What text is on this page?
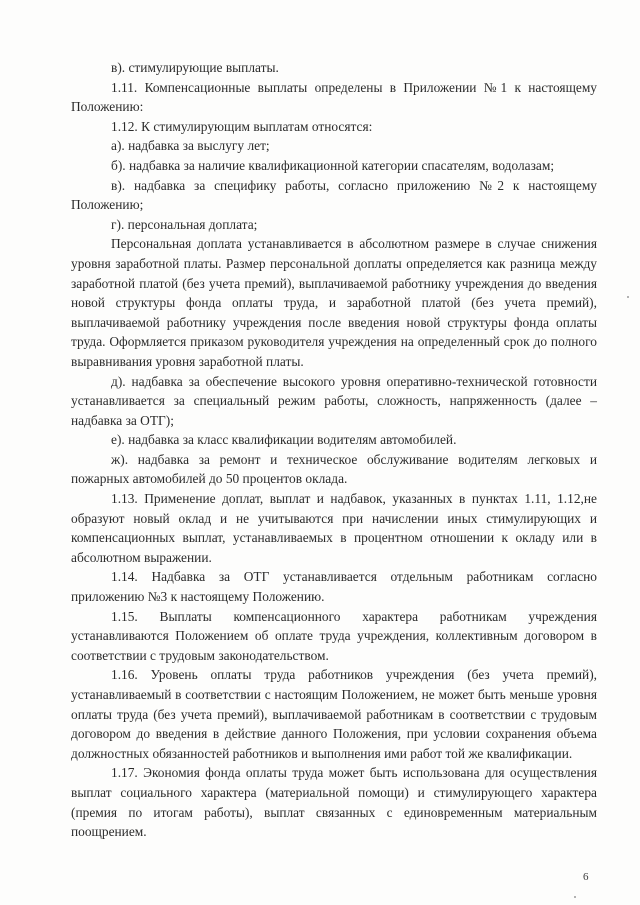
в). стимулирующие выплаты.

1.11. Компенсационные выплаты определены в Приложении №1 к настоящему Положению:

1.12. К стимулирующим выплатам относятся:

а). надбавка за выслугу лет;

б). надбавка за наличие квалификационной категории спасателям, водолазам;

в). надбавка за специфику работы, согласно приложению №2 к настоящему Положению;

г). персональная доплата;

Персональная доплата устанавливается в абсолютном размере в случае снижения уровня заработной платы. Размер персональной доплаты определяется как разница между заработной платой (без учета премий), выплачиваемой работнику учреждения до введения новой структуры фонда оплаты труда, и заработной платой (без учета премий), выплачиваемой работнику учреждения после введения новой структуры фонда оплаты труда. Оформляется приказом руководителя учреждения на определенный срок до полного выравнивания уровня заработной платы.

д). надбавка за обеспечение высокого уровня оперативно-технической готовности устанавливается за специальный режим работы, сложность, напряженность (далее – надбавка за ОТГ);

е). надбавка за класс квалификации водителям автомобилей.

ж). надбавка за ремонт и техническое обслуживание водителям легковых и пожарных автомобилей до 50 процентов оклада.

1.13. Применение доплат, выплат и надбавок, указанных в пунктах 1.11, 1.12,не образуют новый оклад и не учитываются при начислении иных стимулирующих и компенсационных выплат, устанавливаемых в процентном отношении к окладу или в абсолютном выражении.

1.14. Надбавка за ОТГ устанавливается отдельным работникам согласно приложению №3 к настоящему Положению.

1.15. Выплаты компенсационного характера работникам учреждения устанавливаются Положением об оплате труда учреждения, коллективным договором в соответствии с трудовым законодательством.

1.16. Уровень оплаты труда работников учреждения (без учета премий), устанавливаемый в соответствии с настоящим Положением, не может быть меньше уровня оплаты труда (без учета премий), выплачиваемой работникам в соответствии с трудовым договором до введения в действие данного Положения, при условии сохранения объема должностных обязанностей работников и выполнения ими работ той же квалификации.

1.17. Экономия фонда оплаты труда может быть использована для осуществления выплат социального характера (материальной помощи) и стимулирующего характера (премия по итогам работы), выплат связанных с единовременным материальным поощрением.

6
